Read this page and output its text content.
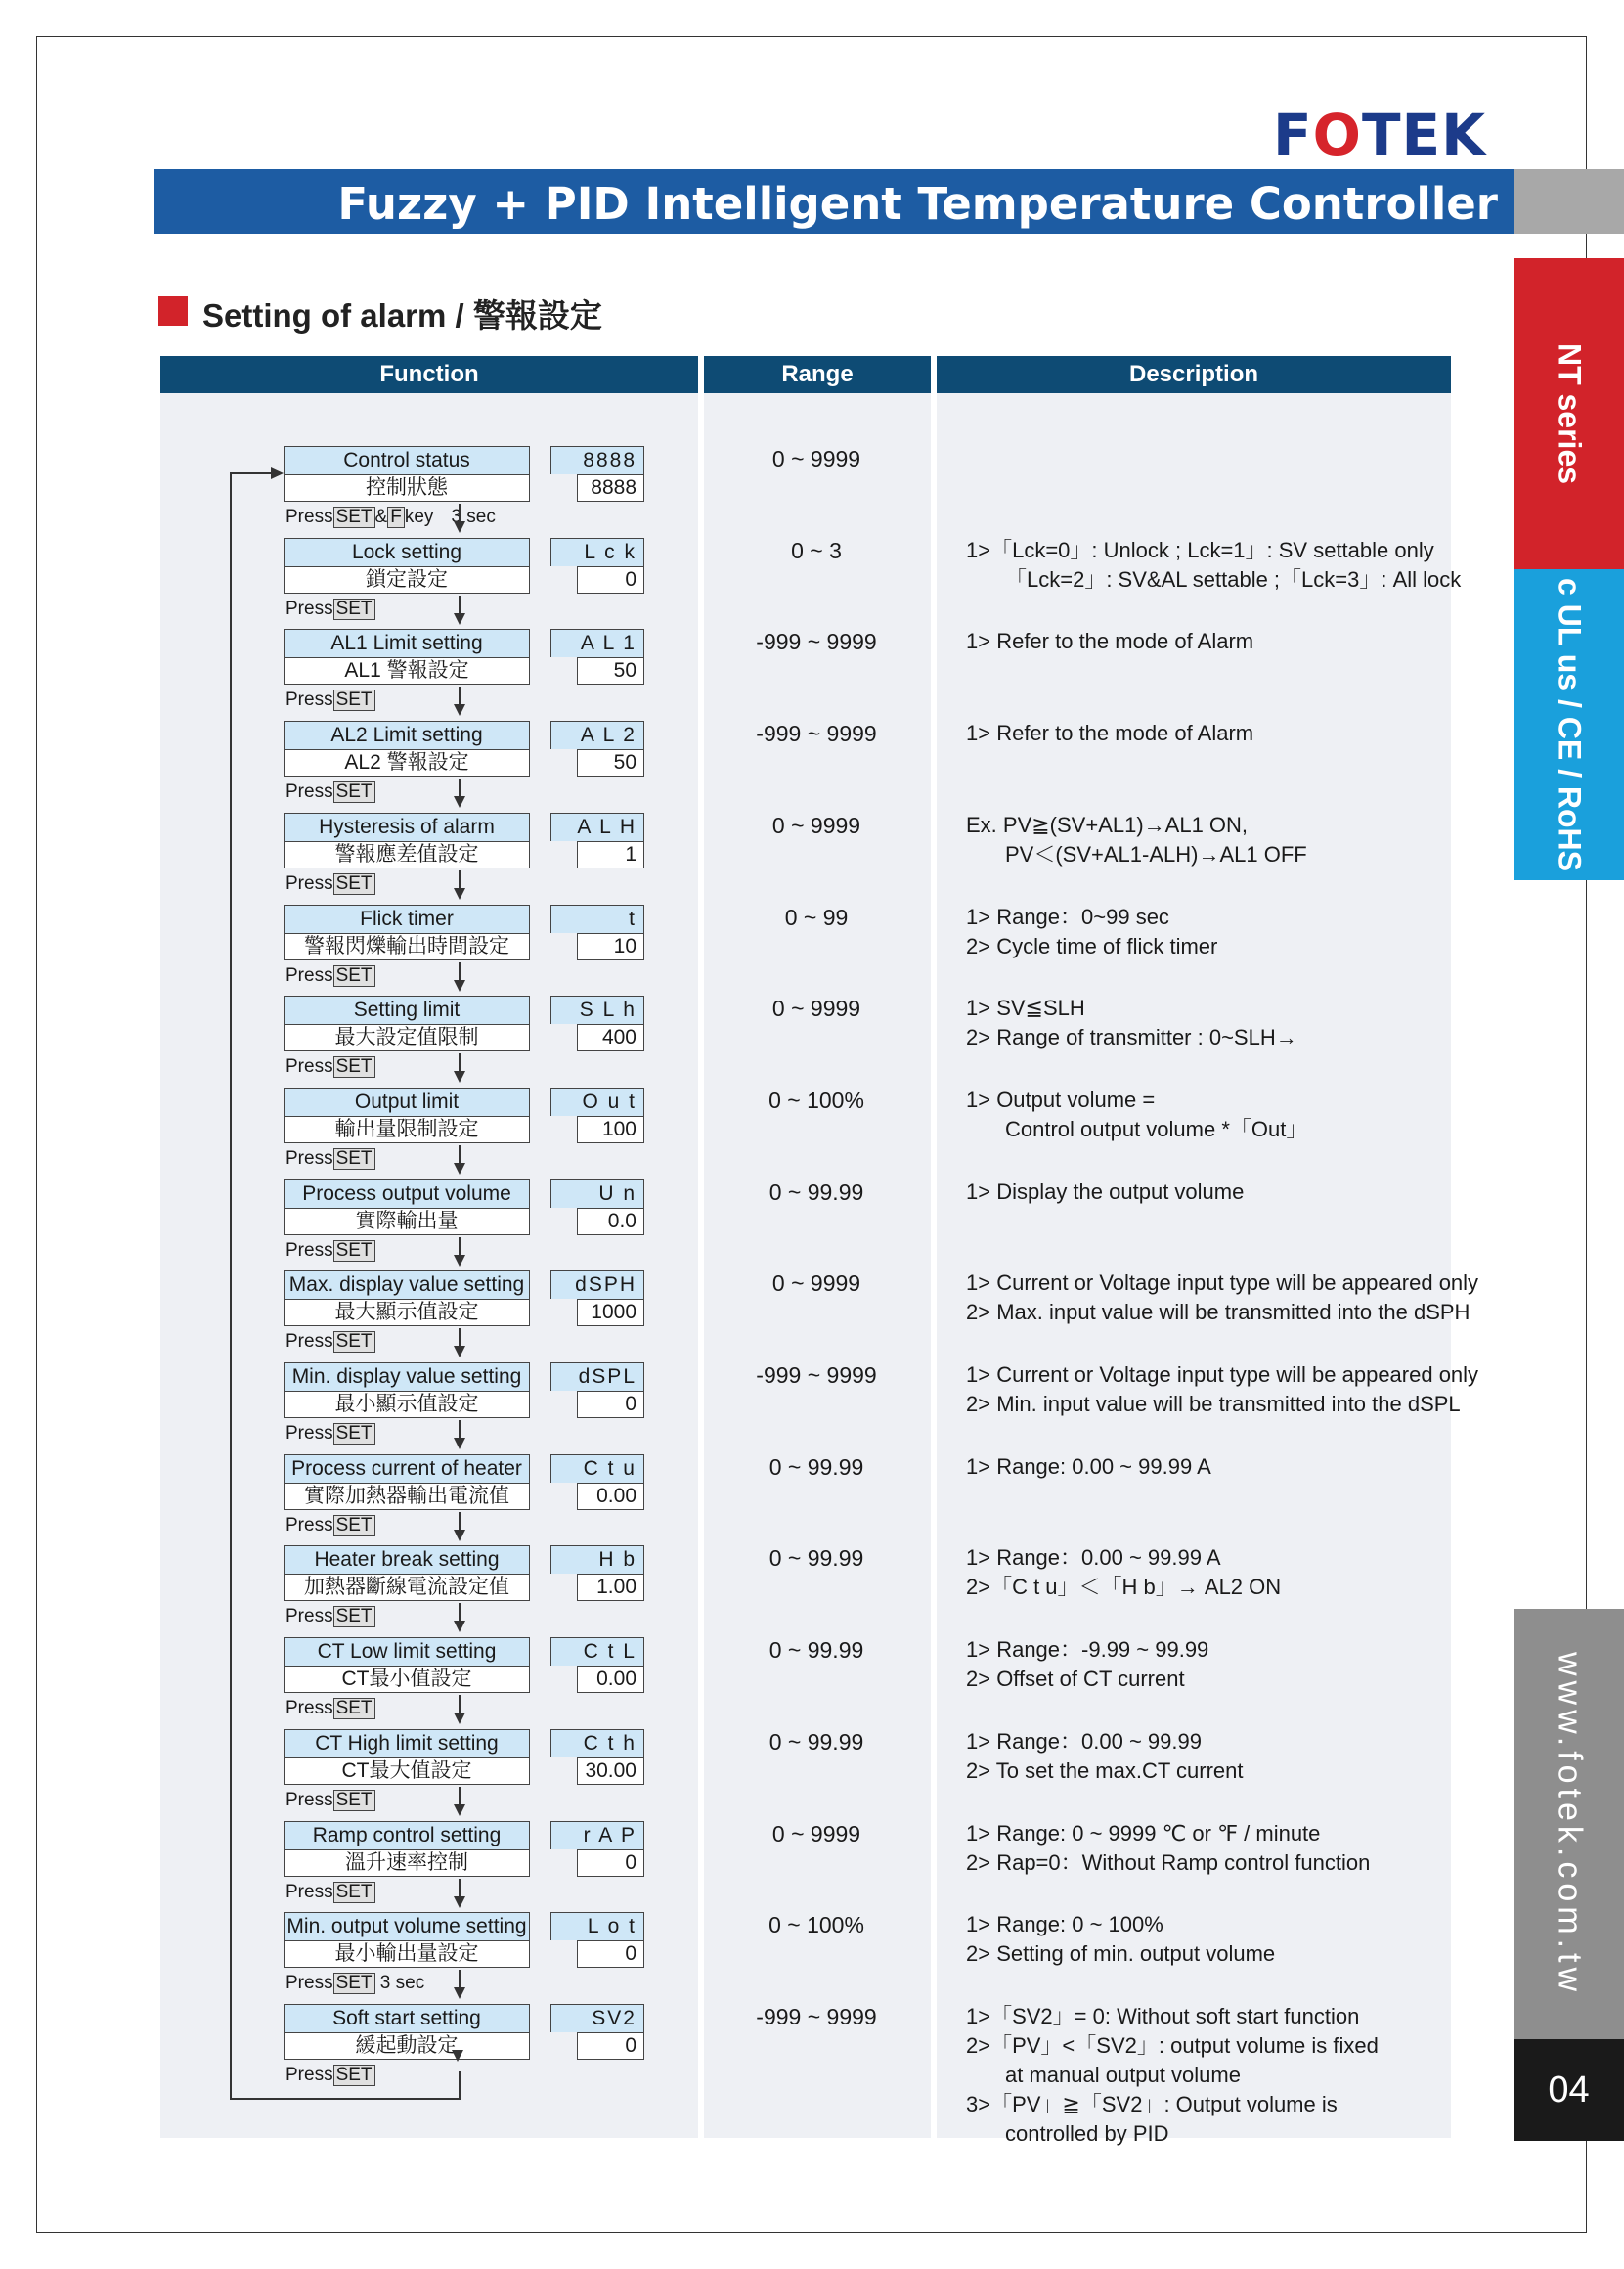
FOTEK
Fuzzy + PID Intelligent Temperature Controller
NT series
c UL us / CE / RoHS
www.fotek.com.tw
04
Setting of alarm / 警報設定
Function	Range	Description
Control status
控制狀態
8888
8888
0 ~ 9999
Press SET & F key 3 sec
Lock setting
鎖定設定
L c k
0
0 ~ 3	1>「Lck=0」: Unlock ; Lck=1」: SV settable only
「Lck=2」: SV&AL settable ;「Lck=3」: All lock
Press SET
AL1 Limit setting
AL1 警報設定
A L 1
50
-999 ~ 9999	1> Refer to the mode of Alarm
Press SET
AL2 Limit setting
AL2 警報設定
A L 2
50
-999 ~ 9999	1> Refer to the mode of Alarm
Press SET
Hysteresis of alarm
警報應差值設定
A L H
1
0 ~ 9999	Ex. PV≧(SV+AL1)→AL1 ON,
PV＜(SV+AL1-ALH)→AL1 OFF
Press SET
Flick timer
警報閃爍輸出時間設定
t
10
0 ~ 99	1> Range：0~99 sec
2> Cycle time of flick timer
Press SET
Setting limit
最大設定值限制
S L h
400
0 ~ 9999	1> SV≦SLH
2> Range of transmitter : 0~SLH→
Press SET
Output limit
輸出量限制設定
O u t
100
0 ~ 100%	1> Output volume =
Control output volume *「Out」
Press SET
Process output volume
實際輸出量
U n
0.0
0 ~ 99.99	1> Display the output volume
Press SET
Max. display value setting
最大顯示值設定
dSPH
1000
0 ~ 9999	1> Current or Voltage input type will be appeared only
2> Max. input value will be transmitted into the dSPH
Press SET
Min. display value setting
最小顯示值設定
dSPL
0
-999 ~ 9999	1> Current or Voltage input type will be appeared only
2> Min. input value will be transmitted into the dSPL
Press SET
Process current of heater
實際加熱器輸出電流值
C t u
0.00
0 ~ 99.99	1> Range: 0.00 ~ 99.99 A
Press SET
Heater break setting
加熱器斷線電流設定值
H b
1.00
0 ~ 99.99	1> Range：0.00 ~ 99.99 A
2>「C t u」＜「H b」→ AL2 ON
Press SET
CT Low limit setting
CT最小值設定
C t L
0.00
0 ~ 99.99	1> Range：-9.99 ~ 99.99
2> Offset of CT current
Press SET
CT High limit setting
CT最大值設定
C t h
30.00
0 ~ 99.99	1> Range：0.00 ~ 99.99
2> To set the max.CT current
Press SET
Ramp control setting
溫升速率控制
r A P
0
0 ~ 9999	1> Range: 0 ~ 9999 ℃ or ℉ / minute
2> Rap=0：Without Ramp control function
Press SET
Min. output volume setting
最小輸出量設定
L o t
0
0 ~ 100%	1> Range: 0 ~ 100%
2> Setting of min. output volume
Press SET 3 sec
Soft start setting
緩起動設定
SV2
0
-999 ~ 9999	1>「SV2」= 0: Without soft start function
2>「PV」<「SV2」: output volume is fixed
at manual output volume
3>「PV」≧「SV2」: Output volume is
controlled by PID
Press SET
